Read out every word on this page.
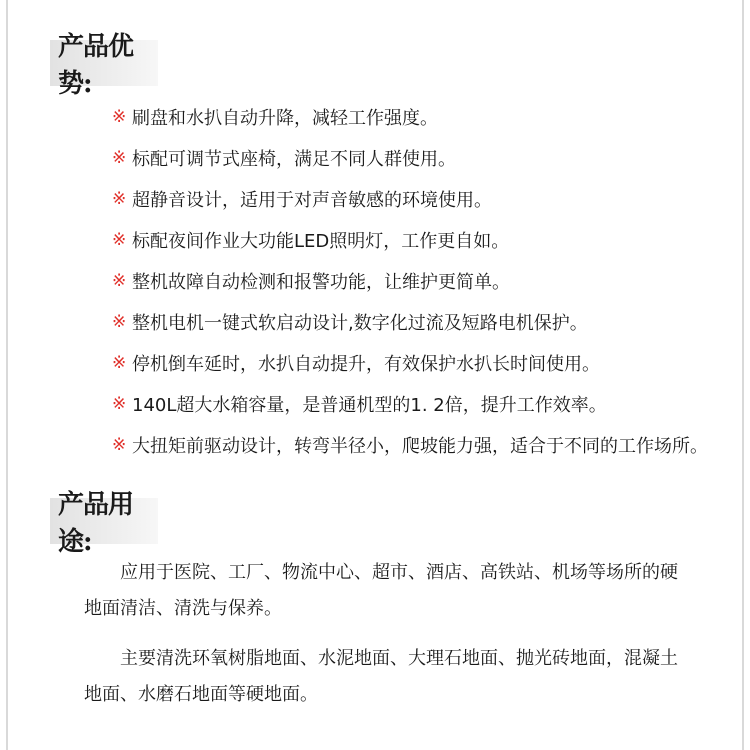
产品优势:
※ 刷盘和水扒自动升降，减轻工作强度。
※ 标配可调节式座椅，满足不同人群使用。
※ 超静音设计，适用于对声音敏感的环境使用。
※ 标配夜间作业大功能LED照明灯，工作更自如。
※ 整机故障自动检测和报警功能，让维护更简单。
※ 整机电机一键式软启动设计,数字化过流及短路电机保护。
※ 停机倒车延时，水扒自动提升，有效保护水扒长时间使用。
※ 140L超大水箱容量，是普通机型的1. 2倍，提升工作效率。
※ 大扭矩前驱动设计，转弯半径小，爬坡能力强，适合于不同的工作场所。
产品用途:

应用于医院、工厂、物流中心、超市、酒店、高铁站、机场等场所的硬地面清洁、清洗与保养。

主要清洗环氧树脂地面、水泥地面、大理石地面、抛光砖地面，混凝土地面、水磨石地面等硬地面。
